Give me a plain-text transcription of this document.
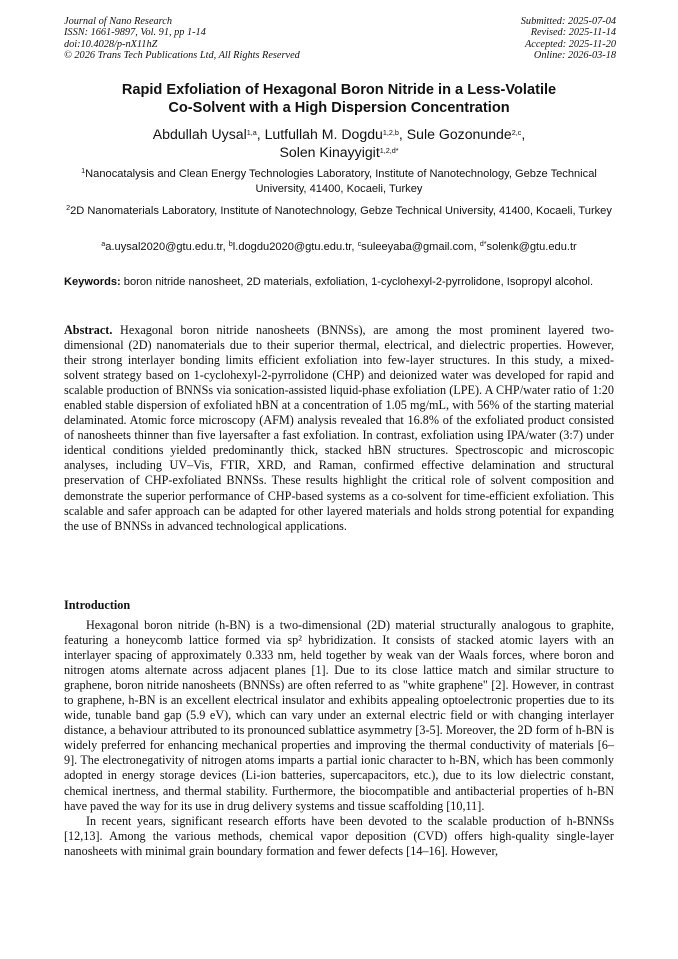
Journal of Nano Research
ISSN: 1661-9897, Vol. 91, pp 1-14
doi:10.4028/p-nX11hZ
© 2026 Trans Tech Publications Ltd, All Rights Reserved
Submitted: 2025-07-04
Revised: 2025-11-14
Accepted: 2025-11-20
Online: 2026-03-18
Rapid Exfoliation of Hexagonal Boron Nitride in a Less-Volatile
Co-Solvent with a High Dispersion Concentration
Abdullah Uysal$^{1,a}$, Lutfullah M. Dogdu$^{1,2,b}$, Sule Gozonunde$^{2,c}$,
Solen Kinayyigit$^{1,2,d*}$
$^1$Nanocatalysis and Clean Energy Technologies Laboratory, Institute of Nanotechnology, Gebze Technical University, 41400, Kocaeli, Turkey
$^2$2D Nanomaterials Laboratory, Institute of Nanotechnology, Gebze Technical University, 41400, Kocaeli, Turkey
$^a$a.uysal2020@gtu.edu.tr, $^b$l.dogdu2020@gtu.edu.tr, $^c$suleeyaba@gmail.com, $^{d*}$solenk@gtu.edu.tr
Keywords: boron nitride nanosheet, 2D materials, exfoliation, 1-cyclohexyl-2-pyrrolidone, Isopropyl alcohol.
Abstract. Hexagonal boron nitride nanosheets (BNNSs), are among the most prominent layered two-dimensional (2D) nanomaterials due to their superior thermal, electrical, and dielectric properties. However, their strong interlayer bonding limits efficient exfoliation into few-layer structures. In this study, a mixed-solvent strategy based on 1-cyclohexyl-2-pyrrolidone (CHP) and deionized water was developed for rapid and scalable production of BNNSs via sonication-assisted liquid-phase exfoliation (LPE). A CHP/water ratio of 1:20 enabled stable dispersion of exfoliated hBN at a concentration of 1.05 mg/mL, with 56% of the starting material delaminated. Atomic force microscopy (AFM) analysis revealed that 16.8% of the exfoliated product consisted of nanosheets thinner than five layersafter a fast exfoliation. In contrast, exfoliation using IPA/water (3:7) under identical conditions yielded predominantly thick, stacked hBN structures. Spectroscopic and microscopic analyses, including UV–Vis, FTIR, XRD, and Raman, confirmed effective delamination and structural preservation of CHP-exfoliated BNNSs. These results highlight the critical role of solvent composition and demonstrate the superior performance of CHP-based systems as a co-solvent for time-efficient exfoliation. This scalable and safer approach can be adapted for other layered materials and holds strong potential for expanding the use of BNNSs in advanced technological applications.
Introduction

Hexagonal boron nitride (h-BN) is a two-dimensional (2D) material structurally analogous to graphite, featuring a honeycomb lattice formed via sp² hybridization. It consists of stacked atomic layers with an interlayer spacing of approximately 0.333 nm, held together by weak van der Waals forces, where boron and nitrogen atoms alternate across adjacent planes [1]. Due to its close lattice match and similar structure to graphene, boron nitride nanosheets (BNNSs) are often referred to as "white graphene" [2]. However, in contrast to graphene, h-BN is an excellent electrical insulator and exhibits appealing optoelectronic properties due to its wide, tunable band gap (5.9 eV), which can vary under an external electric field or with changing interlayer distance, a behaviour attributed to its pronounced sublattice asymmetry [3-5]. Moreover, the 2D form of h-BN is widely preferred for enhancing mechanical properties and improving the thermal conductivity of materials [6–9]. The electronegativity of nitrogen atoms imparts a partial ionic character to h-BN, which has been commonly adopted in energy storage devices (Li-ion batteries, supercapacitors, etc.), due to its low dielectric constant, chemical inertness, and thermal stability. Furthermore, the biocompatible and antibacterial properties of h-BN have paved the way for its use in drug delivery systems and tissue scaffolding [10,11].

In recent years, significant research efforts have been devoted to the scalable production of h-BNNSs [12,13]. Among the various methods, chemical vapor deposition (CVD) offers high-quality single-layer nanosheets with minimal grain boundary formation and fewer defects [14–16]. However,
